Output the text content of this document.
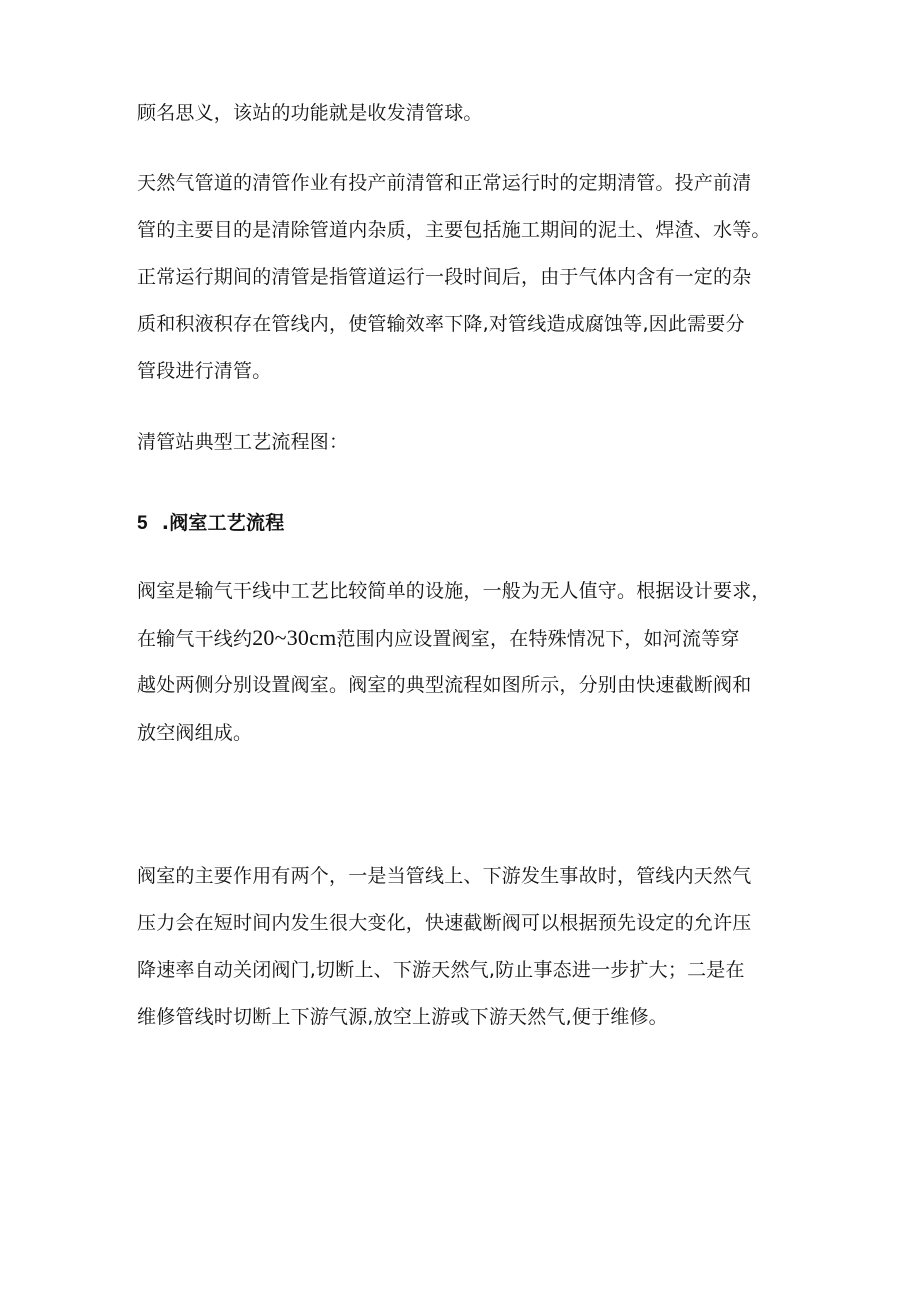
顾名思义，该站的功能就是收发清管球。
天然气管道的清管作业有投产前清管和正常运行时的定期清管。投产前清
管的主要目的是清除管道内杂质，主要包括施工期间的泥土、焊渣、水等。
正常运行期间的清管是指管道运行一段时间后，由于气体内含有一定的杂
质和积液积存在管线内，使管输效率下降,对管线造成腐蚀等,因此需要分
管段进行清管。
清管站典型工艺流程图：
5 .阀室工艺流程
阀室是输气干线中工艺比较简单的设施，一般为无人值守。根据设计要求，
在输气干线约20~30cm范围内应设置阀室，在特殊情况下，如河流等穿
越处两侧分别设置阀室。阀室的典型流程如图所示，分别由快速截断阀和
放空阀组成。
阀室的主要作用有两个，一是当管线上、下游发生事故时，管线内天然气
压力会在短时间内发生很大变化，快速截断阀可以根据预先设定的允许压
降速率自动关闭阀门,切断上、下游天然气,防止事态进一步扩大；二是在
维修管线时切断上下游气源,放空上游或下游天然气,便于维修。
